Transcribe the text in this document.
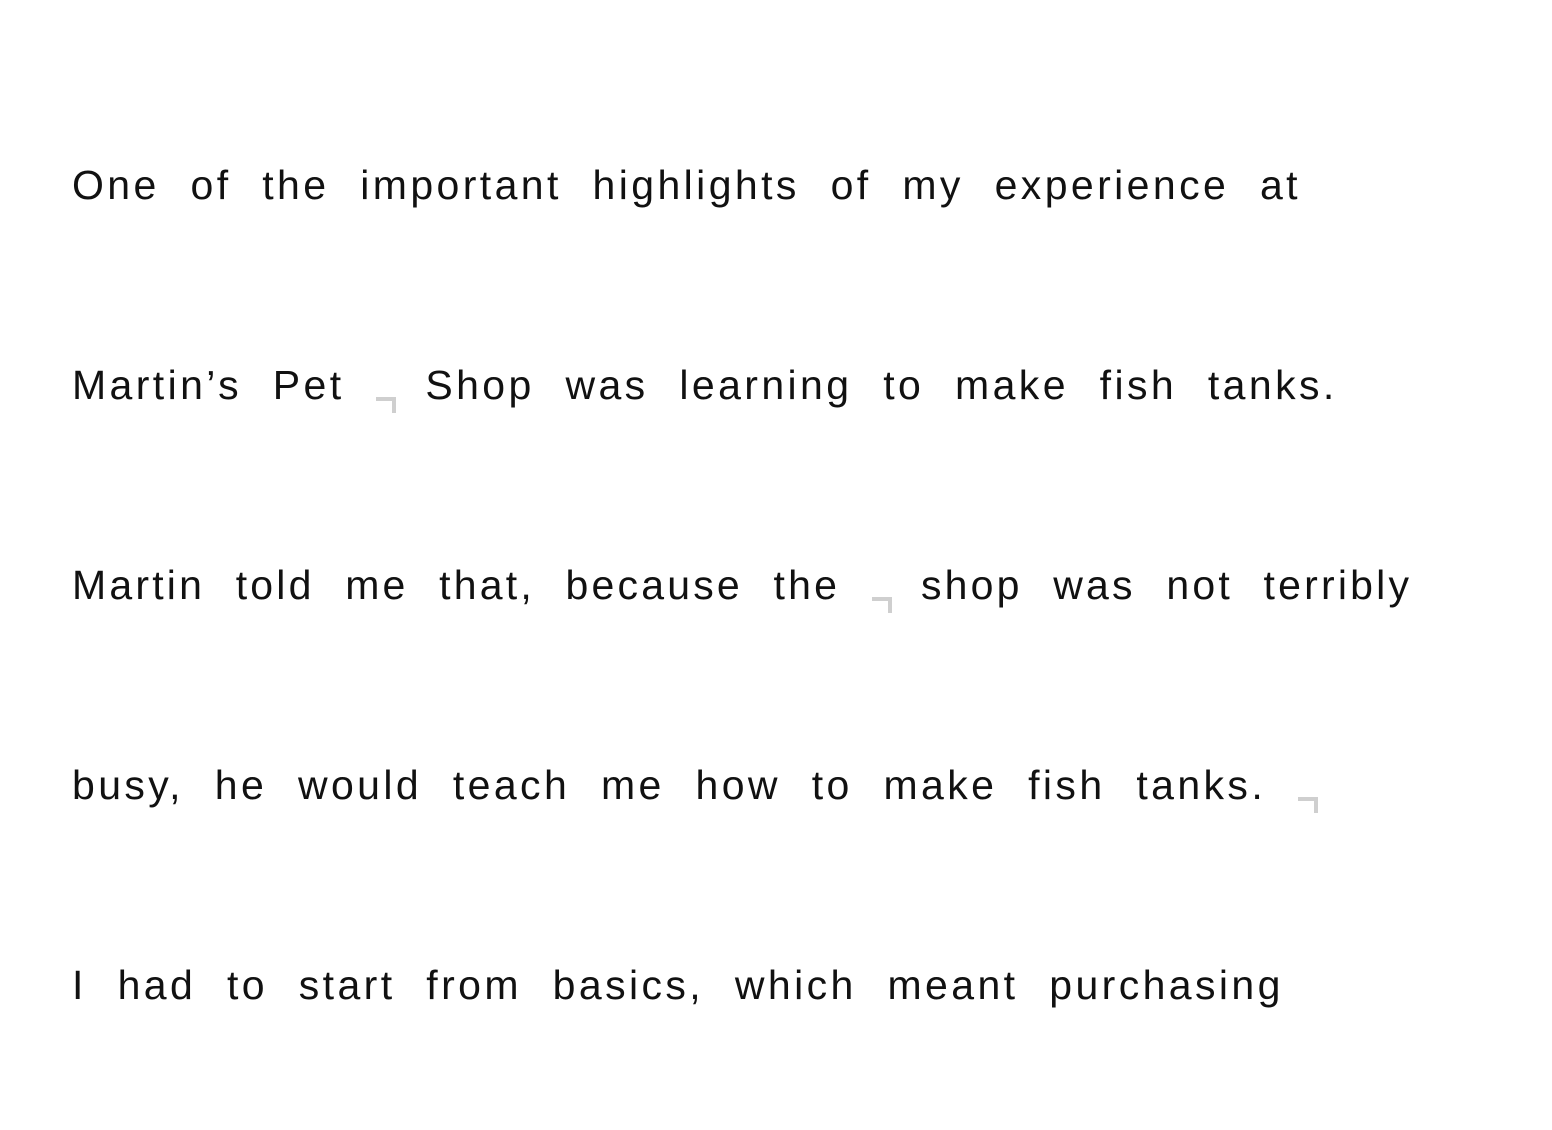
One of the important highlights of my experience at

Martin’s Pet Shop was learning to make fish tanks.

Martin told me that, because the shop was not terribly

busy, he would teach me how to make fish tanks.

I had to start from basics, which meant purchasing
